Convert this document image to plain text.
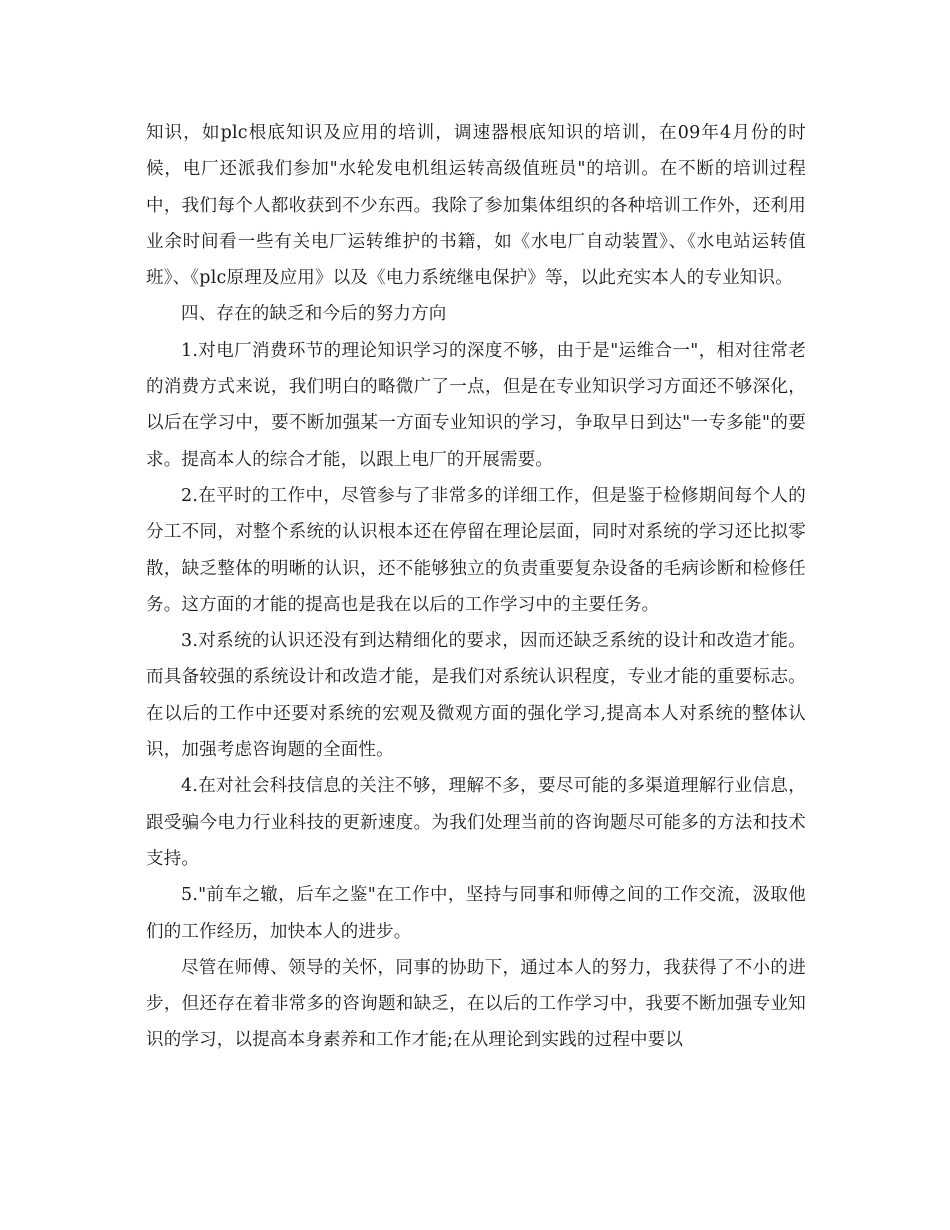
知识，如plc根底知识及应用的培训，调速器根底知识的培训，在09年4月份的时候，电厂还派我们参加"水轮发电机组运转高级值班员"的培训。在不断的培训过程中，我们每个人都收获到不少东西。我除了参加集体组织的各种培训工作外，还利用业余时间看一些有关电厂运转维护的书籍，如《水电厂自动装置》、《水电站运转值班》、《plc原理及应用》以及《电力系统继电保护》等，以此充实本人的专业知识。

四、存在的缺乏和今后的努力方向

1.对电厂消费环节的理论知识学习的深度不够，由于是"运维合一"，相对往常老的消费方式来说，我们明白的略微广了一点，但是在专业知识学习方面还不够深化，以后在学习中，要不断加强某一方面专业知识的学习，争取早日到达"一专多能"的要求。提高本人的综合才能，以跟上电厂的开展需要。

2.在平时的工作中，尽管参与了非常多的详细工作，但是鉴于检修期间每个人的分工不同，对整个系统的认识根本还在停留在理论层面，同时对系统的学习还比拟零散，缺乏整体的明晰的认识，还不能够独立的负责重要复杂设备的毛病诊断和检修任务。这方面的才能的提高也是我在以后的工作学习中的主要任务。

3.对系统的认识还没有到达精细化的要求，因而还缺乏系统的设计和改造才能。而具备较强的系统设计和改造才能，是我们对系统认识程度，专业才能的重要标志。在以后的工作中还要对系统的宏观及微观方面的强化学习,提高本人对系统的整体认识，加强考虑咨询题的全面性。

4.在对社会科技信息的关注不够，理解不多，要尽可能的多渠道理解行业信息，跟受骗今电力行业科技的更新速度。为我们处理当前的咨询题尽可能多的方法和技术支持。

5."前车之辙，后车之鉴"在工作中，坚持与同事和师傅之间的工作交流，汲取他们的工作经历，加快本人的进步。

尽管在师傅、领导的关怀，同事的协助下，通过本人的努力，我获得了不小的进步，但还存在着非常多的咨询题和缺乏，在以后的工作学习中，我要不断加强专业知识的学习，以提高本身素养和工作才能;在从理论到实践的过程中要以
